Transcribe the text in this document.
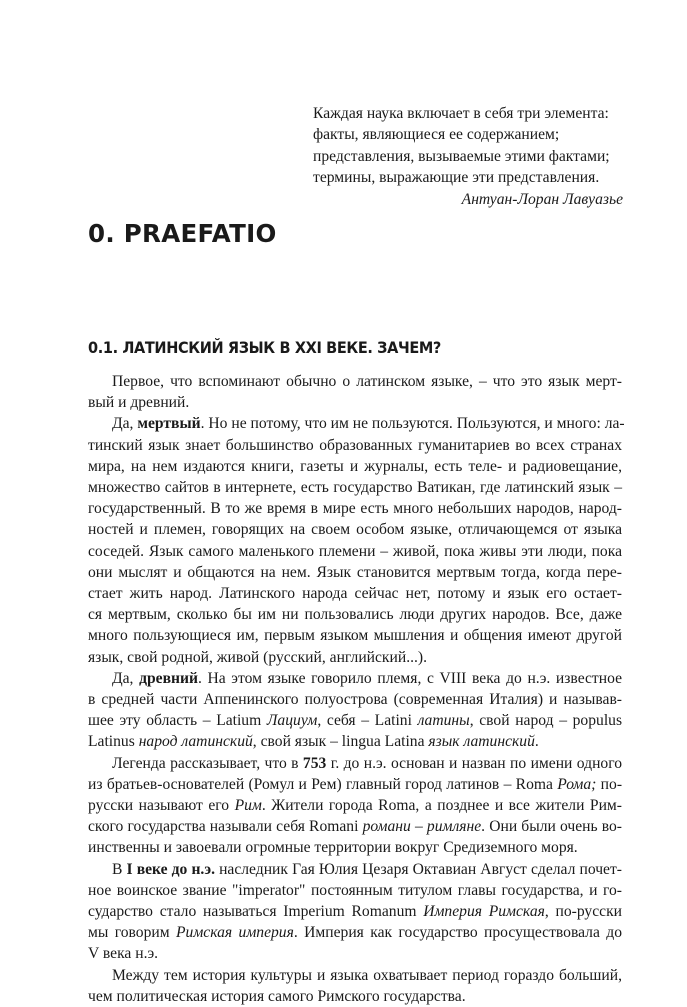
Каждая наука включает в себя три элемента:
факты, являющиеся ее содержанием;
представления, вызываемые этими фактами;
термины, выражающие эти представления.
Антуан-Лоран Лавуазье
0. PRAEFATIO
0.1. ЛАТИНСКИЙ ЯЗЫК В XXI ВЕКЕ. ЗАЧЕМ?
Первое, что вспоминают обычно о латинском языке, – что это язык мерт-
вый и древний.
Да, мертвый. Но не потому, что им не пользуются. Пользуются, и много: ла-
тинский язык знает большинство образованных гуманитариев во всех странах
мира, на нем издаются книги, газеты и журналы, есть теле- и радиовещание,
множество сайтов в интернете, есть государство Ватикан, где латинский язык –
государственный. В то же время в мире есть много небольших народов, народ-
ностей и племен, говорящих на своем особом языке, отличающемся от языка
соседей. Язык самого маленького племени – живой, пока живы эти люди, пока
они мыслят и общаются на нем. Язык становится мертвым тогда, когда пере-
стает жить народ. Латинского народа сейчас нет, потому и язык его остает-
ся мертвым, сколько бы им ни пользовались люди других народов. Все, даже
много пользующиеся им, первым языком мышления и общения имеют другой
язык, свой родной, живой (русский, английский...).
Да, древний. На этом языке говорило племя, с VIII века до н.э. известное
в средней части Аппенинского полуострова (современная Италия) и называв-
шее эту область – Latium Лациум, себя – Latini латины, свой народ – populus
Latinus народ латинский, свой язык – lingua Latina язык латинский.
Легенда рассказывает, что в 753 г. до н.э. основан и назван по имени одного
из братьев-основателей (Ромул и Рем) главный город латинов – Roma Рома; по-
русски называют его Рим. Жители города Roma, а позднее и все жители Рим-
ского государства называли себя Romani романи – римляне. Они были очень во-
инственны и завоевали огромные территории вокруг Средиземного моря.
В I веке до н.э. наследник Гая Юлия Цезаря Октавиан Август сделал почет-
ное воинское звание "imperator" постоянным титулом главы государства, и го-
сударство стало называться Imperium Romanum Империя Римская, по-русски
мы говорим Римская империя. Империя как государство просуществовала до
V века н.э.
Между тем история культуры и языка охватывает период гораздо больший,
чем политическая история самого Римского государства.
